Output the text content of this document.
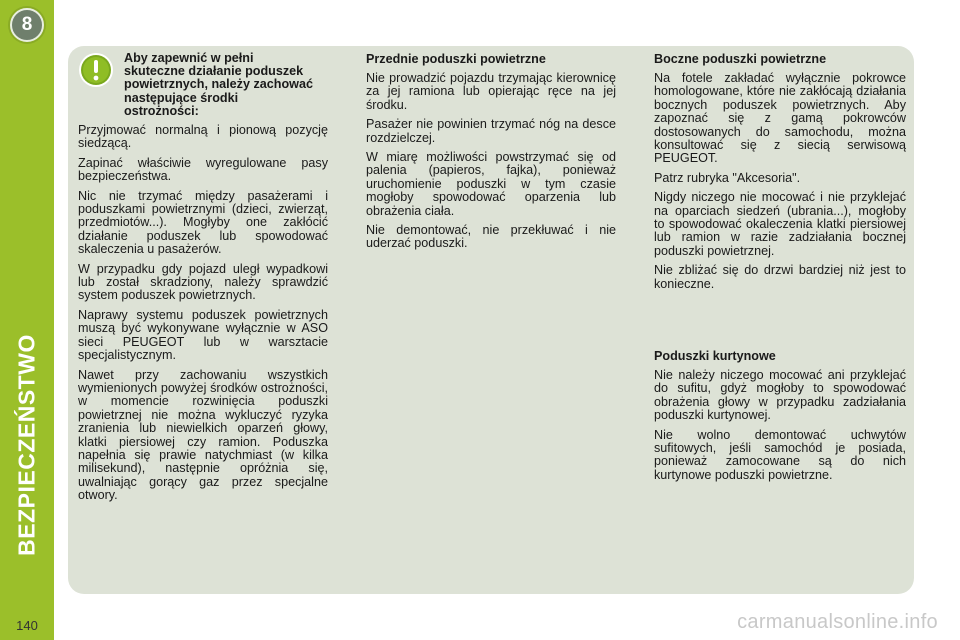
8
BEZPIECZEŃSTWO
140
Aby zapewnić w pełni skuteczne działanie poduszek powietrznych, należy zachować następujące środki ostrożności:

Przyjmować normalną i pionową pozycję siedzącą.

Zapinać właściwie wyregulowane pasy bezpieczeństwa.

Nic nie trzymać między pasażerami i poduszkami powietrznymi (dzieci, zwierząt, przedmiotów...). Mogłyby one zakłócić działanie poduszek lub spowodować skaleczenia u pasażerów.

W przypadku gdy pojazd uległ wypadkowi lub został skradziony, należy sprawdzić system poduszek powietrznych.

Naprawy systemu poduszek powietrznych muszą być wykonywane wyłącznie w ASO sieci PEUGEOT lub w warsztacie specjalistycznym.

Nawet przy zachowaniu wszystkich wymienionych powyżej środków ostrożności, w momencie rozwinięcia poduszki powietrznej nie można wykluczyć ryzyka zranienia lub niewielkich oparzeń głowy, klatki piersiowej czy ramion. Poduszka napełnia się prawie natychmiast (w kilka milisekund), następnie opróżnia się, uwalniając gorący gaz przez specjalne otwory.

Przednie poduszki powietrzne

Nie prowadzić pojazdu trzymając kierownicę za jej ramiona lub opierając ręce na jej środku.

Pasażer nie powinien trzymać nóg na desce rozdzielczej.

W miarę możliwości powstrzymać się od palenia (papieros, fajka), ponieważ uruchomienie poduszki w tym czasie mogłoby spowodować oparzenia lub obrażenia ciała.

Nie demontować, nie przekłuwać i nie uderzać poduszki.

Boczne poduszki powietrzne

Na fotele zakładać wyłącznie pokrowce homologowane, które nie zakłócają działania bocznych poduszek powietrznych. Aby zapoznać się z gamą pokrowców dostosowanych do samochodu, można konsultować się z siecią serwisową PEUGEOT.

Patrz rubryka "Akcesoria".

Nigdy niczego nie mocować i nie przyklejać na oparciach siedzeń (ubrania...), mogłoby to spowodować okaleczenia klatki piersiowej lub ramion w razie zadziałania bocznej poduszki powietrznej.

Nie zbliżać się do drzwi bardziej niż jest to konieczne.

Poduszki kurtynowe

Nie należy niczego mocować ani przyklejać do sufitu, gdyż mogłoby to spowodować obrażenia głowy w przypadku zadziałania poduszki kurtynowej.

Nie wolno demontować uchwytów sufitowych, jeśli samochód je posiada, ponieważ zamocowane są do nich kurtynowe poduszki powietrzne.

carmanualsonline.info
